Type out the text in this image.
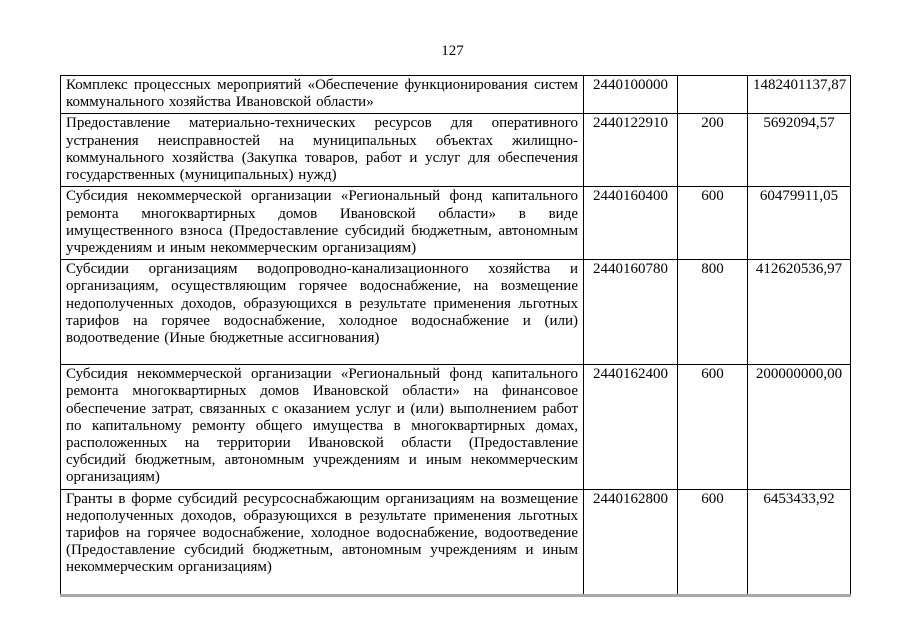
127
Комплекс процессных мероприятий «Обеспечение функционирования систем коммунального хозяйства Ивановской области»	2440100000		1482401137,87
Предоставление материально-технических ресурсов для оперативного устранения неисправностей на муниципальных объектах жилищно-коммунального хозяйства (Закупка товаров, работ и услуг для обеспечения государственных (муниципальных) нужд)	2440122910	200	5692094,57
Субсидия некоммерческой организации «Региональный фонд капитального ремонта многоквартирных домов Ивановской области» в виде имущественного взноса (Предоставление субсидий бюджетным, автономным учреждениям и иным некоммерческим организациям)	2440160400	600	60479911,05
Субсидии организациям водопроводно-канализационного хозяйства и организациям, осуществляющим горячее водоснабжение, на возмещение недополученных доходов, образующихся в результате применения льготных тарифов на горячее водоснабжение, холодное водоснабжение и (или) водоотведение (Иные бюджетные ассигнования)	2440160780	800	412620536,97
Субсидия некоммерческой организации «Региональный фонд капитального ремонта многоквартирных домов Ивановской области» на финансовое обеспечение затрат, связанных с оказанием услуг и (или) выполнением работ по капитальному ремонту общего имущества в многоквартирных домах, расположенных на территории Ивановской области (Предоставление субсидий бюджетным, автономным учреждениям и иным некоммерческим организациям)	2440162400	600	200000000,00
Гранты в форме субсидий ресурсоснабжающим организациям на возмещение недополученных доходов, образующихся в результате применения льготных тарифов на горячее водоснабжение, холодное водоснабжение, водоотведение (Предоставление субсидий бюджетным, автономным учреждениям и иным некоммерческим организациям)	2440162800	600	6453433,92
